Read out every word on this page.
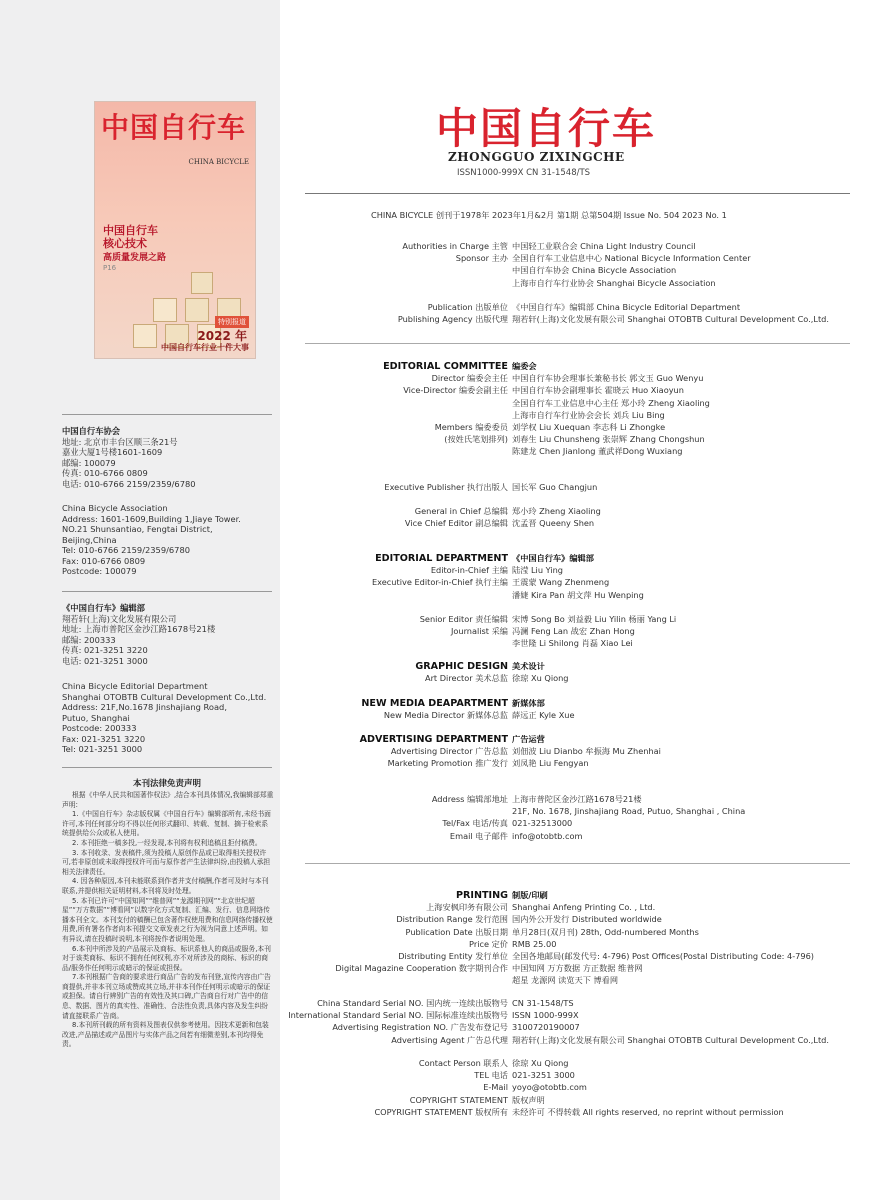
中国自行车
CHINA BICYCLE
中国自行车
核心技术
高质量发展之路
P16
特别报道
2022 年
中国自行车行业十件大事
中国自行车协会
地址: 北京市丰台区顺三条21号
嘉业大厦1号楼1601-1609
邮编: 100079
传真: 010-6766 0809
电话: 010-6766 2159/2359/6780
China Bicycle Association
Address: 1601-1609,Building 1,Jiaye Tower.
NO.21 Shunsantiao, Fengtai District,
Beijing,China
Tel: 010-6766 2159/2359/6780
Fax: 010-6766 0809
Postcode: 100079
《中国自行车》编辑部
翔若轩(上海)文化发展有限公司
地址: 上海市普陀区金沙江路1678号21楼
邮编: 200333
传真: 021-3251 3220
电话: 021-3251 3000
China Bicycle Editorial Department
Shanghai OTOBTB Cultural Development Co.,Ltd.
Address: 21F,No.1678 Jinshajiang Road,
Putuo, Shanghai
Postcode: 200333
Fax: 021-3251 3220
Tel: 021-3251 3000
本刊法律免责声明

根据《中华人民共和国著作权法》,结合本刊具体情况,我编辑部郑重声明:

1.《中国自行车》杂志版权属《中国自行车》编辑部所有,未经书面许可,本刊任何部分均不得以任何形式翻印、转载、复制、摘于检索系统提供给公众或私人使用。

2. 本刊拒绝一稿多投,一经发现,本刊将有权利追稿且拒付稿费。

3. 本刊收录、发表稿件,须为投稿人原创作品或已取得相关授权许可,若非原创或未取得授权许可而与原作者产生法律纠纷,由投稿人承担相关法律责任。

4. 因各种原因,本刊未能联系到作者并支付稿酬,作者可及时与本刊联系,并提供相关证明材料,本刊将及时处理。

5. 本刊已许可“中国知网”“维普网”“龙源期刊网”“北京世纪超星”“万方数据”“博看网”以数字化方式复制、汇编、发行、信息网络传播本刊全文。本刊支付的稿酬已包含著作权使用费和信息网络传播权使用费,所有署名作者向本刊提交文章发表之行为视为同意上述声明。如有异议,请在投稿时说明,本刊将按作者说明处理。

6.本刊中所涉及的产品展示及商标、标识系他人的商品或服务,本刊对于该类商标、标识不拥有任何权利,亦不对所涉及的商标、标识的商品/服务作任何明示或暗示的保证或担保。

7.本刊根据广告商的要求进行商品广告的发布刊登,宣传内容由广告商提供,并非本刊立场或赞成其立场,并非本刊作任何明示或暗示的保证或担保。请自行辨别广告的有效性及其口碑,广告商自行对广告中的信息、数据、图片的真实性、准确性、合法性负责,具体内容及发生纠纷请直接联系广告商。

8.本刊所刊载的所有资料及图表仅供参考使用。因技术更新和包装改进,产品描述或产品图片与实体产品之间若有细微差别,本刊均得免责。

中国自行车
ZHONGGUO ZIXINGCHE
ISSN1000-999X CN 31-1548/TS
CHINA BICYCLE 创刊于1978年 2023年1月&2月 第1期 总第504期 Issue No. 504 2023 No. 1
Authorities in Charge 主管
Sponsor 主办
中国轻工业联合会 China Light Industry Council
全国自行车工业信息中心 National Bicycle Information Center
中国自行车协会 China Bicycle Association
上海市自行车行业协会 Shanghai Bicycle Association
Publication 出版单位
Publishing Agency 出版代理
《中国自行车》编辑部 China Bicycle Editorial Department
翔若轩(上海)文化发展有限公司 Shanghai OTOBTB Cultural Development Co.,Ltd.
EDITORIAL COMMITTEE 编委会
Director 编委会主任
Vice-Director 编委会副主任
Members 编委委员
(按姓氏笔划排列)
中国自行车协会理事长兼秘书长 郭文玉 Guo Wenyu
中国自行车协会副理事长 霍晓云 Huo Xiaoyun
全国自行车工业信息中心主任 郑小玲 Zheng Xiaoling
上海市自行车行业协会会长 刘兵 Liu Bing
刘学权 Liu Xuequan 李志科 Li Zhongke
刘春生 Liu Chunsheng 张崇辉 Zhang Chongshun
陈建龙 Chen Jianlong 董武祥Dong Wuxiang
Executive Publisher 执行出版人 国长军 Guo Changjun
General in Chief 总编辑
Vice Chief Editor 副总编辑
郑小玲 Zheng Xiaoling
沈孟晋 Queeny Shen
EDITORIAL DEPARTMENT 《中国自行车》编辑部
Editor-in-Chief 主编
Executive Editor-in-Chief 执行主编
陆滢 Liu Ying
王震蒙 Wang Zhenmeng
潘婕 Kira Pan 胡文萍 Hu Wenping
Senior Editor 责任编辑
Journalist 采编
宋博 Song Bo 刘益毅 Liu Yilin 杨丽 Yang Li
冯澜 Feng Lan 战宏 Zhan Hong
李世隆 Li Shilong 肖磊 Xiao Lei
GRAPHIC DESIGN 美术设计
Art Director 美术总监 徐琼 Xu Qiong
NEW MEDIA DEAPARTMENT 新媒体部
New Media Director 新媒体总监 薛远正 Kyle Xue
ADVERTISING DEPARTMENT 广告运营
Advertising Director 广告总监
Marketing Promotion 推广发行
刘佃波 Liu Dianbo 牟振海 Mu Zhenhai
刘凤艳 Liu Fengyan
Address 编辑部地址
Tel/Fax 电话/传真
Email 电子邮件
上海市普陀区金沙江路1678号21楼
21F, No. 1678, Jinshajiang Road, Putuo, Shanghai , China
021-32513000
info@otobtb.com
PRINTING 制版/印刷
上海安枫印务有限公司
Distribution Range 发行范围
Publication Date 出版日期
Price 定价
Distributing Entity 发行单位
Digital Magazine Cooperation 数字期刊合作
Shanghai Anfeng Printing Co. , Ltd.
国内外公开发行 Distributed worldwide
单月28日(双月刊) 28th, Odd-numbered Months
RMB 25.00
全国各地邮局(邮发代号: 4-796) Post Offices(Postal Distributing Code: 4-796)
中国知网 万方数据 方正数据 维普网
超星 龙源网 读览天下 博看网
China Standard Serial NO. 国内统一连续出版物号
International Standard Serial NO. 国际标准连续出版物号
Advertising Registration NO. 广告发布登记号
Advertising Agent 广告总代理
CN 31-1548/TS
ISSN 1000-999X
3100720190007
翔若轩(上海)文化发展有限公司 Shanghai OTOBTB Cultural Development Co.,Ltd.
Contact Person 联系人
TEL 电话
E-Mail
COPYRIGHT STATEMENT
COPYRIGHT STATEMENT 版权所有
徐琼 Xu Qiong
021-3251 3000
yoyo@otobtb.com
版权声明
未经许可 不得转载 All rights reserved, no reprint without permission
